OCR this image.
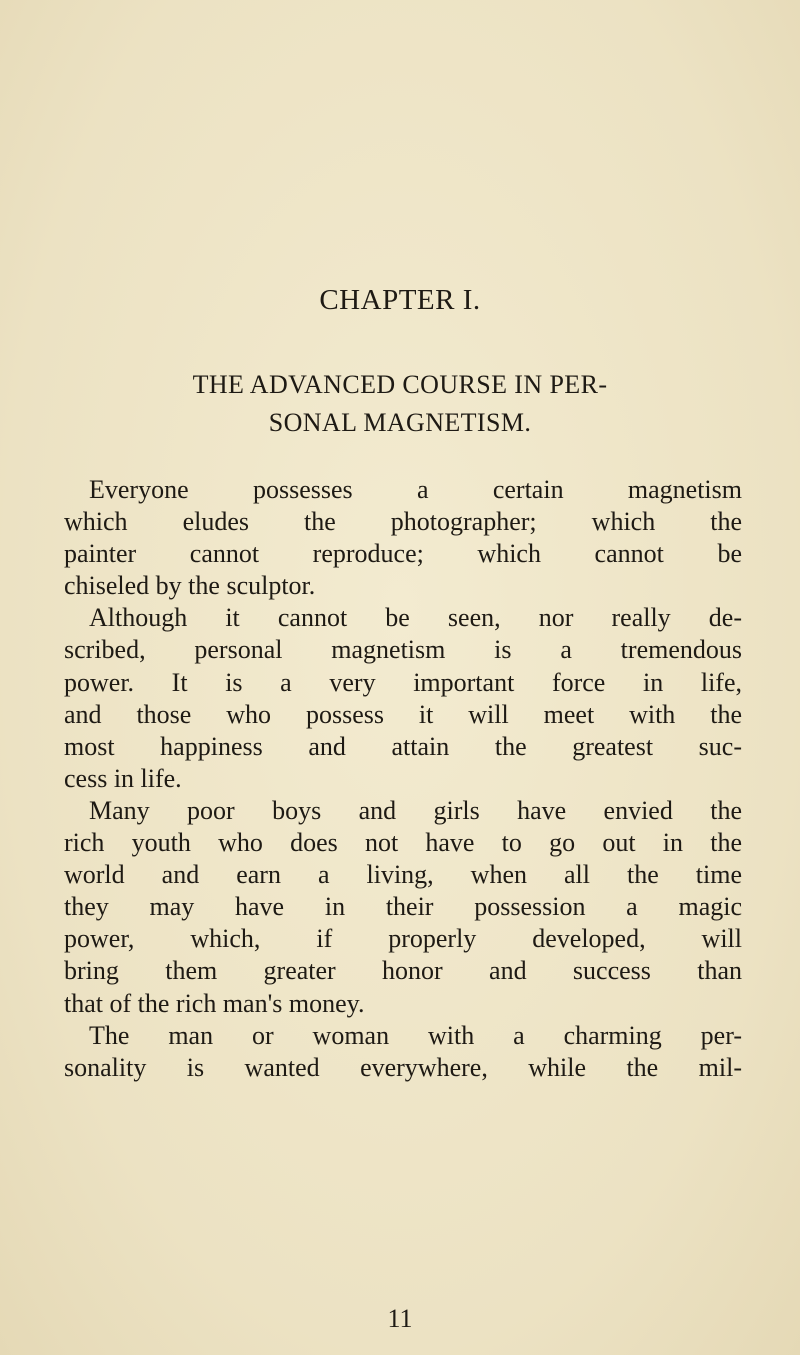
CHAPTER I.
THE ADVANCED COURSE IN PER-
SONAL MAGNETISM.
Everyone possesses a certain magnetism
which eludes the photographer; which the
painter cannot reproduce; which cannot be
chiseled by the sculptor.
Although it cannot be seen, nor really de-
scribed, personal magnetism is a tremendous
power. It is a very important force in life,
and those who possess it will meet with the
most happiness and attain the greatest suc-
cess in life.
Many poor boys and girls have envied the
rich youth who does not have to go out in the
world and earn a living, when all the time
they may have in their possession a magic
power, which, if properly developed, will
bring them greater honor and success than
that of the rich man's money.
The man or woman with a charming per-
sonality is wanted everywhere, while the mil-
11
